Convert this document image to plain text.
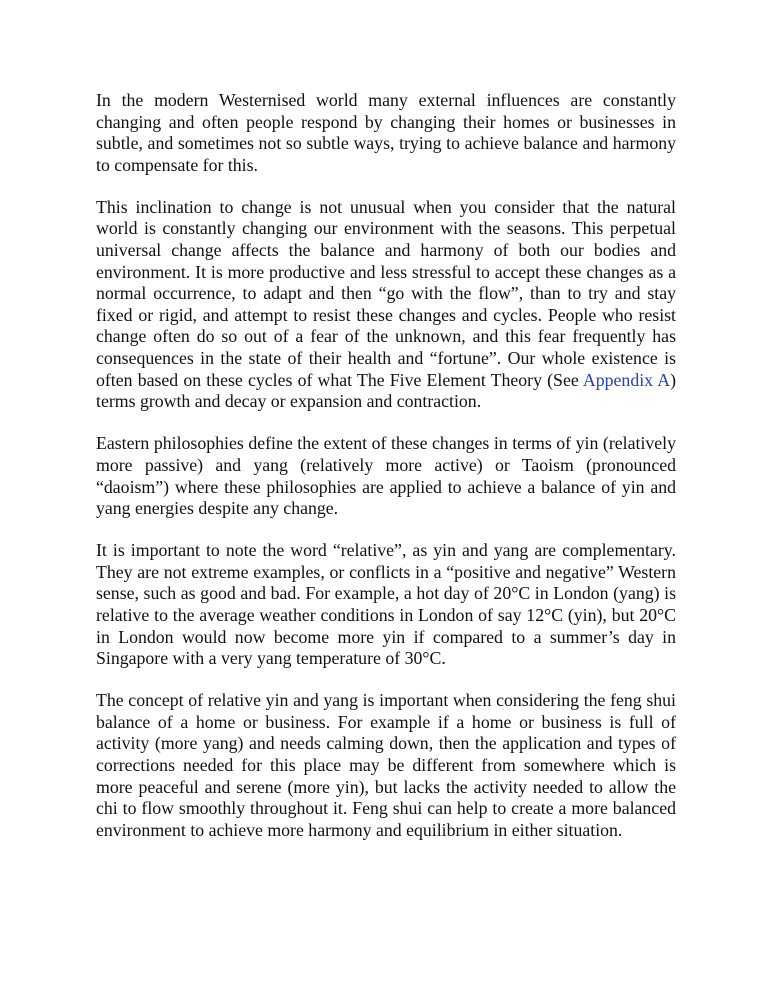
In the modern Westernised world many external influences are constantly changing and often people respond by changing their homes or businesses in subtle, and sometimes not so subtle ways, trying to achieve balance and harmony to compensate for this.

This inclination to change is not unusual when you consider that the natural world is constantly changing our environment with the seasons. This perpetual universal change affects the balance and harmony of both our bodies and environment. It is more productive and less stressful to accept these changes as a normal occurrence, to adapt and then “go with the flow”, than to try and stay fixed or rigid, and attempt to resist these changes and cycles. People who resist change often do so out of a fear of the unknown, and this fear frequently has consequences in the state of their health and “fortune”. Our whole existence is often based on these cycles of what The Five Element Theory (See Appendix A) terms growth and decay or expansion and contraction.

Eastern philosophies define the extent of these changes in terms of yin (relatively more passive) and yang (relatively more active) or Taoism (pronounced “daoism”) where these philosophies are applied to achieve a balance of yin and yang energies despite any change.

It is important to note the word “relative”, as yin and yang are complementary. They are not extreme examples, or conflicts in a “positive and negative” Western sense, such as good and bad. For example, a hot day of 20°C in London (yang) is relative to the average weather conditions in London of say 12°C (yin), but 20°C in London would now become more yin if compared to a summer’s day in Singapore with a very yang temperature of 30°C.

The concept of relative yin and yang is important when considering the feng shui balance of a home or business. For example if a home or business is full of activity (more yang) and needs calming down, then the application and types of corrections needed for this place may be different from somewhere which is more peaceful and serene (more yin), but lacks the activity needed to allow the chi to flow smoothly throughout it. Feng shui can help to create a more balanced environment to achieve more harmony and equilibrium in either situation.
